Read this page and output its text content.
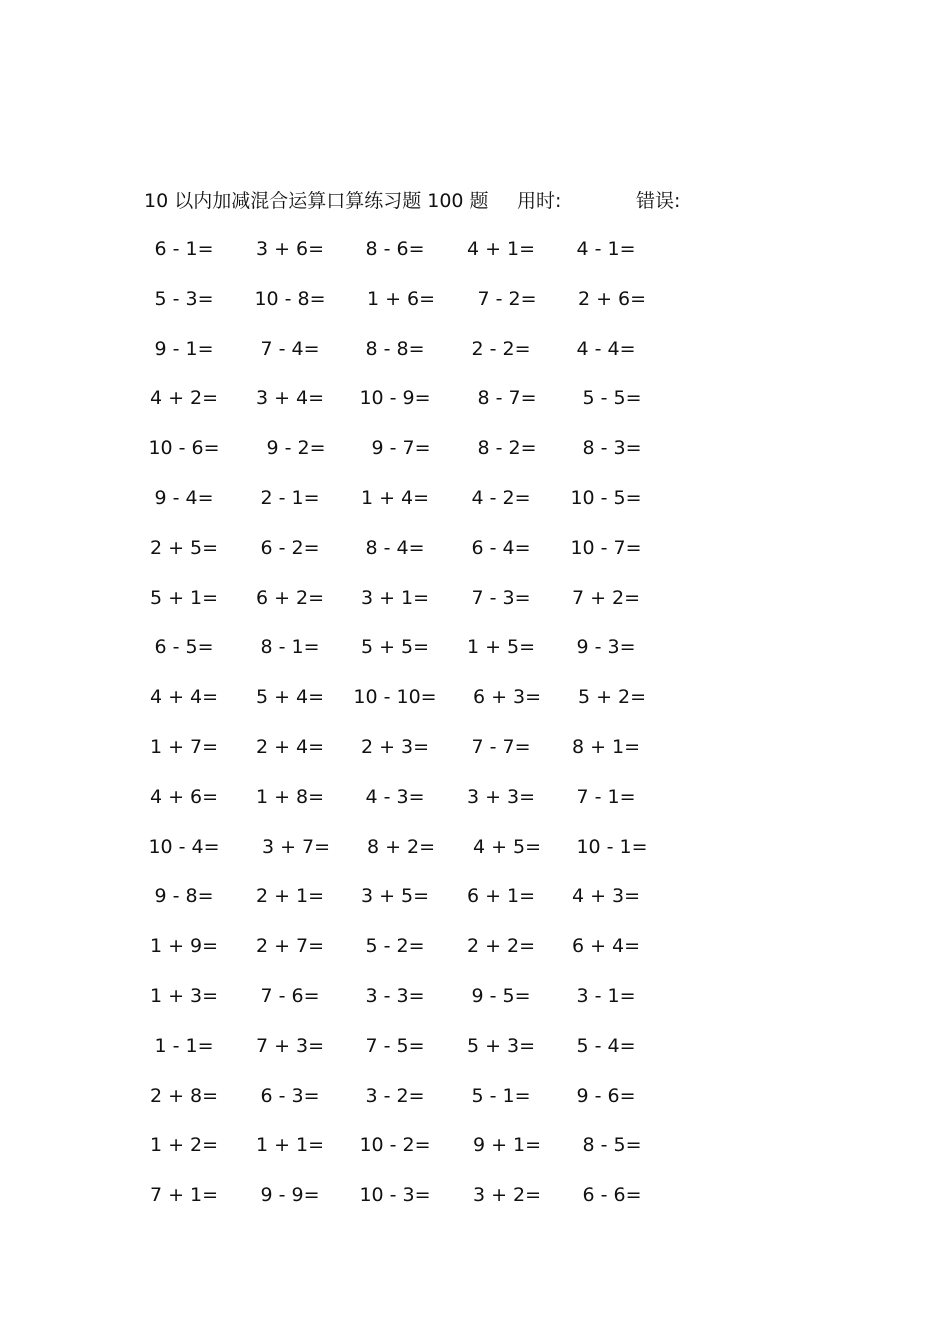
10 以内加减混合运算口算练习题 100 题 用时:	错误:
6 - 1=	3 + 6=	8 - 6=	4 + 1=	4 - 1=
5 - 3=	10 - 8=	1 + 6=	7 - 2=	2 + 6=
9 - 1=	7 - 4=	8 - 8=	2 - 2=	4 - 4=
4 + 2=	3 + 4=	10 - 9=	8 - 7=	5 - 5=
10 - 6=	9 - 2=	9 - 7=	8 - 2=	8 - 3=
9 - 4=	2 - 1=	1 + 4=	4 - 2=	10 - 5=
2 + 5=	6 - 2=	8 - 4=	6 - 4=	10 - 7=
5 + 1=	6 + 2=	3 + 1=	7 - 3=	7 + 2=
6 - 5=	8 - 1=	5 + 5=	1 + 5=	9 - 3=
4 + 4=	5 + 4=	10 - 10=	6 + 3=	5 + 2=
1 + 7=	2 + 4=	2 + 3=	7 - 7=	8 + 1=
4 + 6=	1 + 8=	4 - 3=	3 + 3=	7 - 1=
10 - 4=	3 + 7=	8 + 2=	4 + 5=	10 - 1=
9 - 8=	2 + 1=	3 + 5=	6 + 1=	4 + 3=
1 + 9=	2 + 7=	5 - 2=	2 + 2=	6 + 4=
1 + 3=	7 - 6=	3 - 3=	9 - 5=	3 - 1=
1 - 1=	7 + 3=	7 - 5=	5 + 3=	5 - 4=
2 + 8=	6 - 3=	3 - 2=	5 - 1=	9 - 6=
1 + 2=	1 + 1=	10 - 2=	9 + 1=	8 - 5=
7 + 1=	9 - 9=	10 - 3=	3 + 2=	6 - 6=
